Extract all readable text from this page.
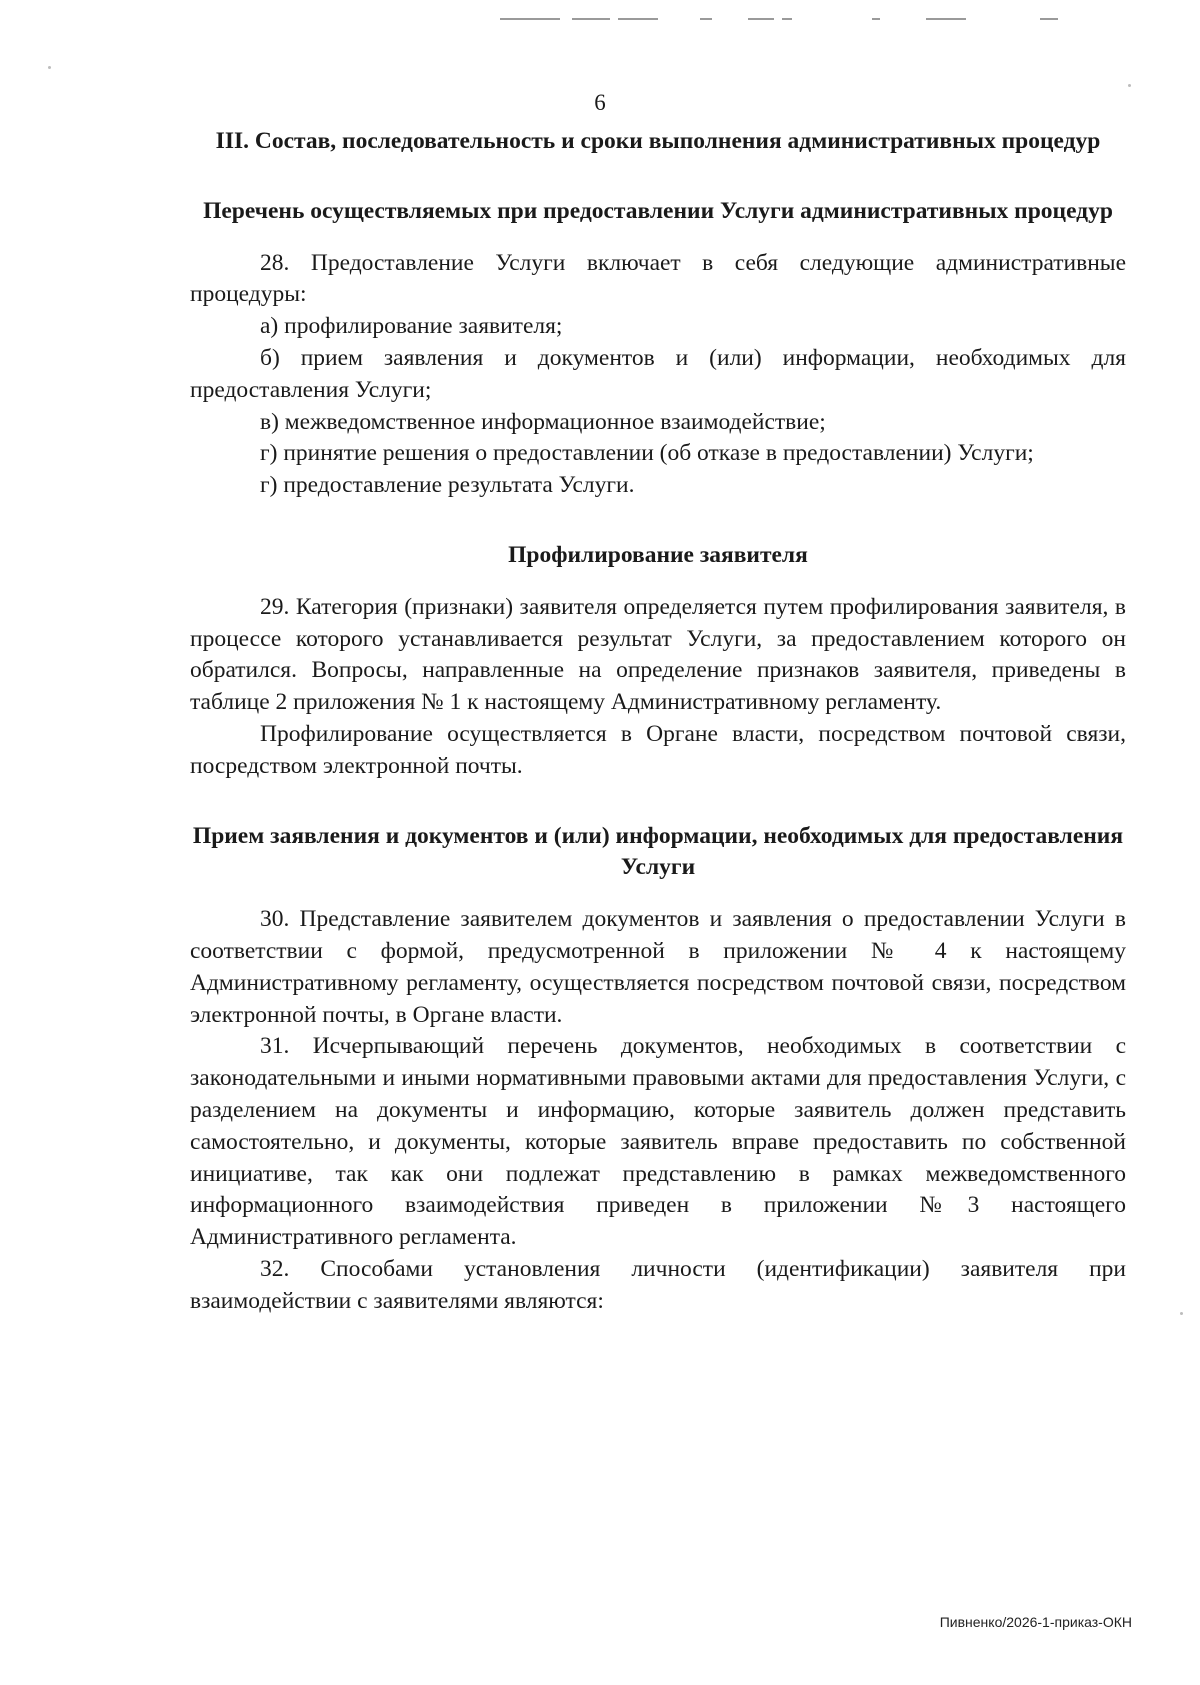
6
III. Состав, последовательность и сроки выполнения административных процедур
Перечень осуществляемых при предоставлении Услуги административных процедур

28. Предоставление Услуги включает в себя следующие административные процедуры:

а) профилирование заявителя;

б) прием заявления и документов и (или) информации, необходимых для предоставления Услуги;

в) межведомственное информационное взаимодействие;

г) принятие решения о предоставлении (об отказе в предоставлении) Услуги;

г) предоставление результата Услуги.

Профилирование заявителя

29. Категория (признаки) заявителя определяется путем профилирования заявителя, в процессе которого устанавливается результат Услуги, за предоставлением которого он обратился. Вопросы, направленные на определение признаков заявителя, приведены в таблице 2 приложения № 1 к настоящему Административному регламенту.

Профилирование осуществляется в Органе власти, посредством почтовой связи, посредством электронной почты.

Прием заявления и документов и (или) информации, необходимых для предоставления Услуги

30. Представление заявителем документов и заявления о предоставлении Услуги в соответствии с формой, предусмотренной в приложении № 4 к настоящему Административному регламенту, осуществляется посредством почтовой связи, посредством электронной почты, в Органе власти.

31. Исчерпывающий перечень документов, необходимых в соответствии с законодательными и иными нормативными правовыми актами для предоставления Услуги, с разделением на документы и информацию, которые заявитель должен представить самостоятельно, и документы, которые заявитель вправе предоставить по собственной инициативе, так как они подлежат представлению в рамках межведомственного информационного взаимодействия приведен в приложении №3 настоящего Административного регламента.

32. Способами установления личности (идентификации) заявителя при взаимодействии с заявителями являются:

Пивненко/2026-1-приказ-ОКН
